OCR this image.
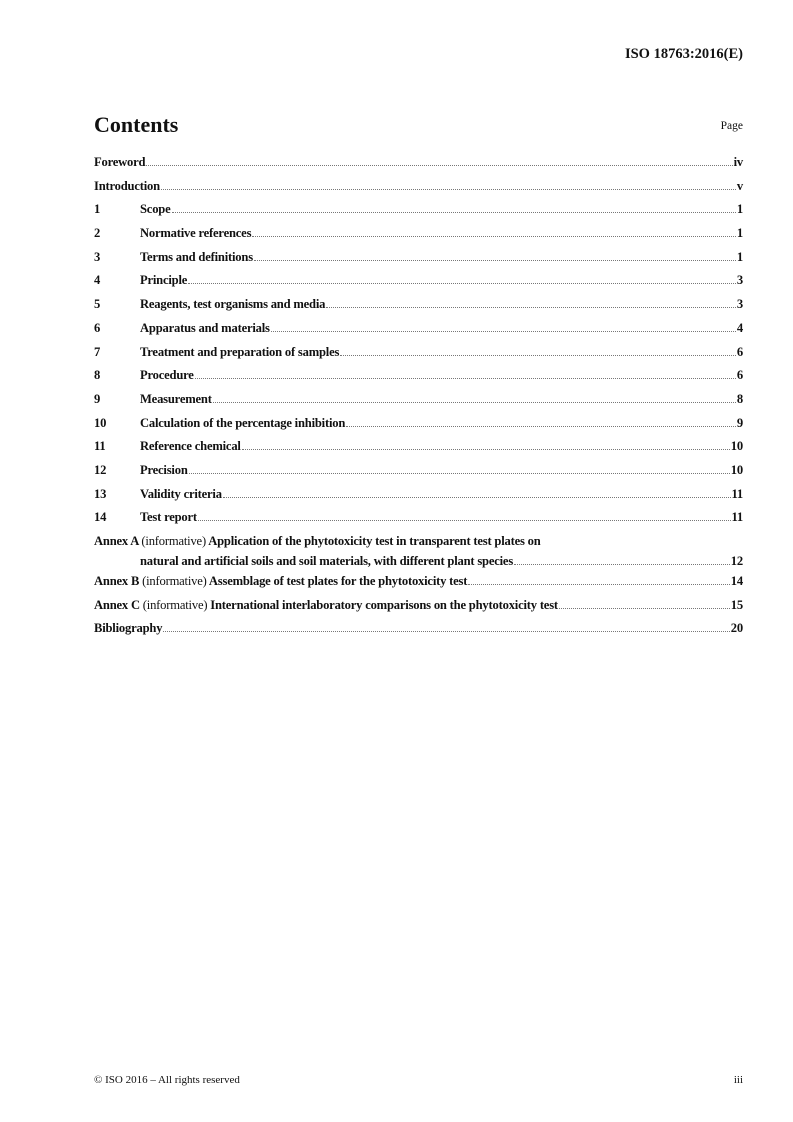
ISO 18763:2016(E)
Contents	Page
Foreword	iv
Introduction	v
1	Scope	1
2	Normative references	1
3	Terms and definitions	1
4	Principle	3
5	Reagents, test organisms and media	3
6	Apparatus and materials	4
7	Treatment and preparation of samples	6
8	Procedure	6
9	Measurement	8
10	Calculation of the percentage inhibition	9
11	Reference chemical	10
12	Precision	10
13	Validity criteria	11
14	Test report	11
Annex A (informative) Application of the phytotoxicity test in transparent test plates on
natural and artificial soils and soil materials, with different plant species	12
Annex B (informative) Assemblage of test plates for the phytotoxicity test	14
Annex C (informative) International interlaboratory comparisons on the phytotoxicity test	15
Bibliography	20
© ISO 2016 – All rights reserved	iii
